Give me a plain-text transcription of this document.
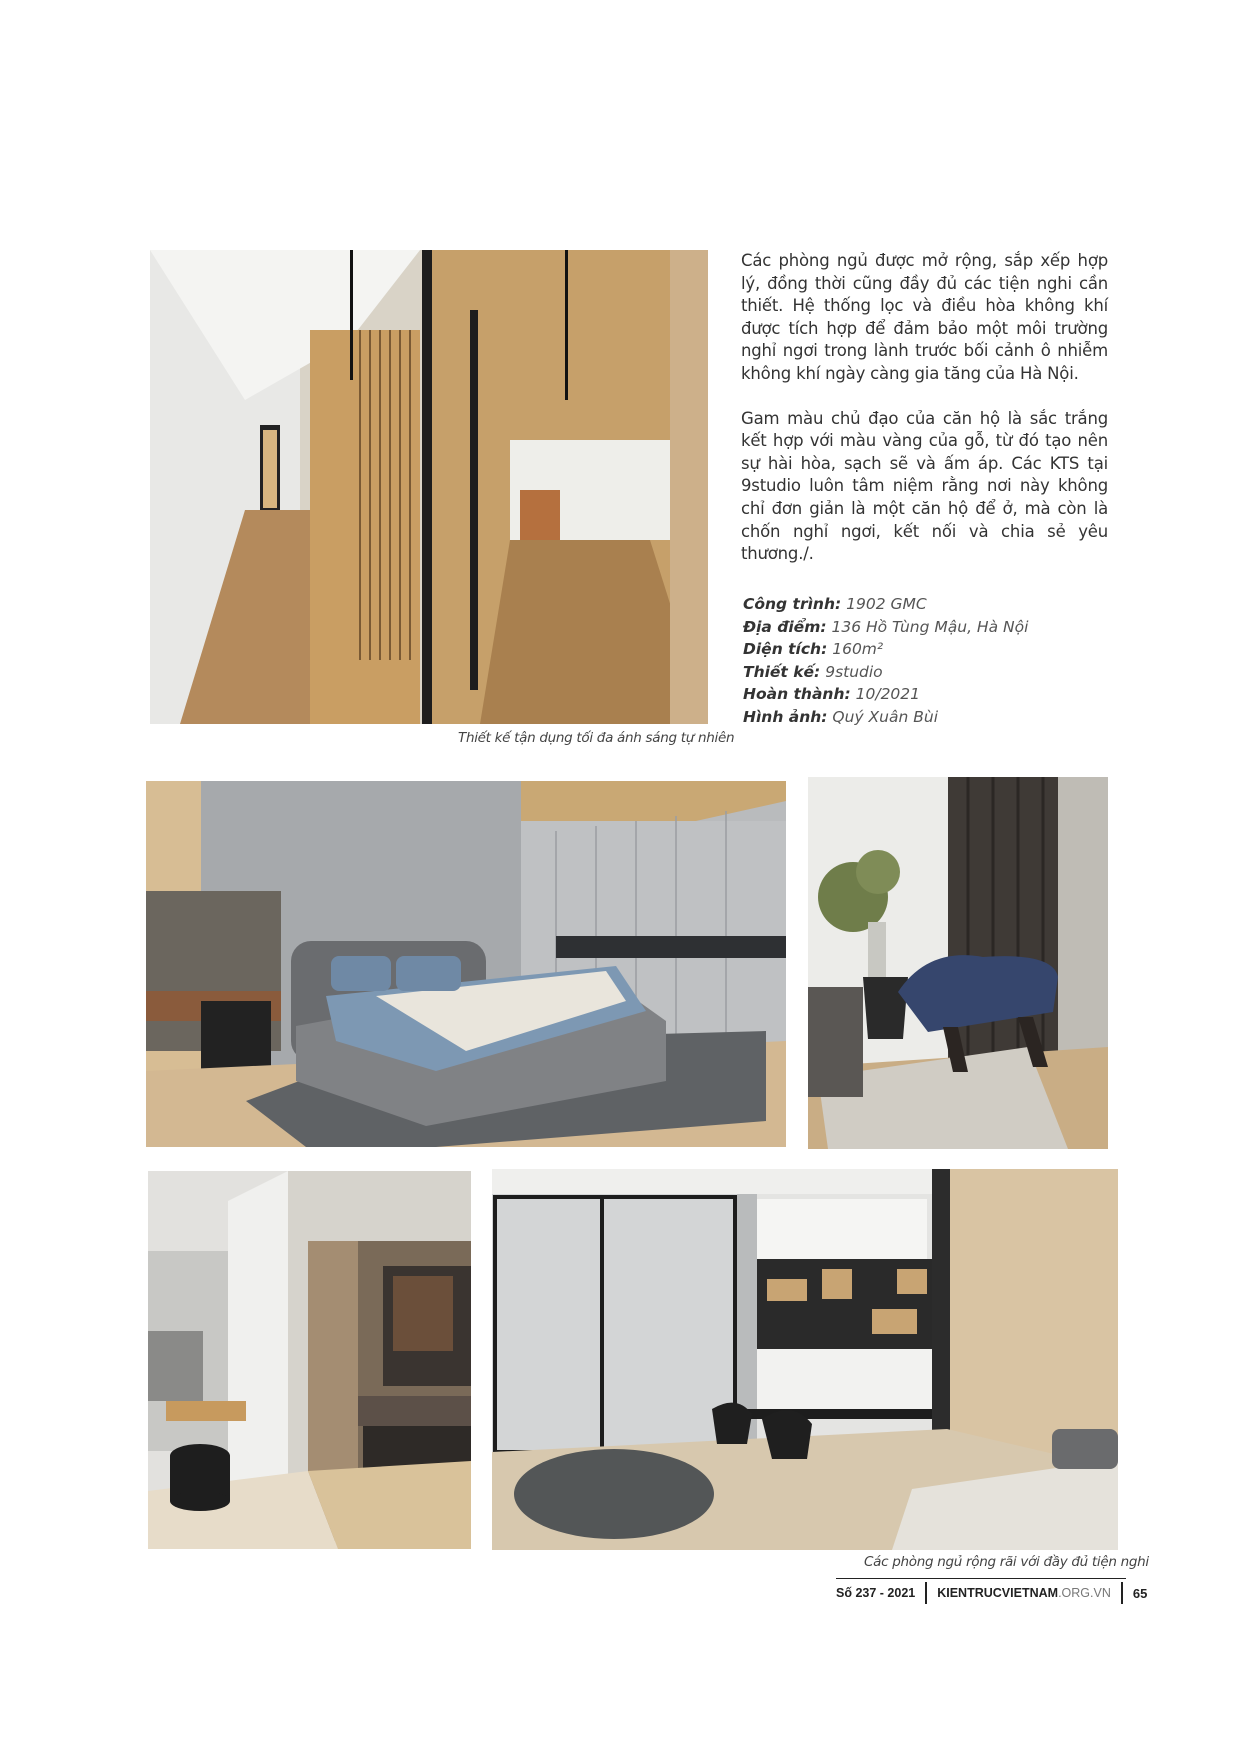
Thiết kế tận dụng tối đa ánh sáng tự nhiên

Các phòng ngủ được mở rộng, sắp xếp hợp lý, đồng thời cũng đầy đủ các tiện nghi cần thiết. Hệ thống lọc và điều hòa không khí được tích hợp để đảm bảo một môi trường nghỉ ngơi trong lành trước bối cảnh ô nhiễm không khí ngày càng gia tăng của Hà Nội.

Gam màu chủ đạo của căn hộ là sắc trắng kết hợp với màu vàng của gỗ, từ đó tạo nên sự hài hòa, sạch sẽ và ấm áp. Các KTS tại 9studio luôn tâm niệm rằng nơi này không chỉ đơn giản là một căn hộ để ở, mà còn là chốn nghỉ ngơi, kết nối và chia sẻ yêu thương./.

Công trình: 1902 GMC
Địa điểm: 136 Hồ Tùng Mậu, Hà Nội
Diện tích: 160m²
Thiết kế: 9studio
Hoàn thành: 10/2021
Hình ảnh: Quý Xuân Bùi
Các phòng ngủ rộng rãi với đầy đủ tiện nghi
Số 237 - 2021 KIENTRUCVIETNAM.ORG.VN 65
